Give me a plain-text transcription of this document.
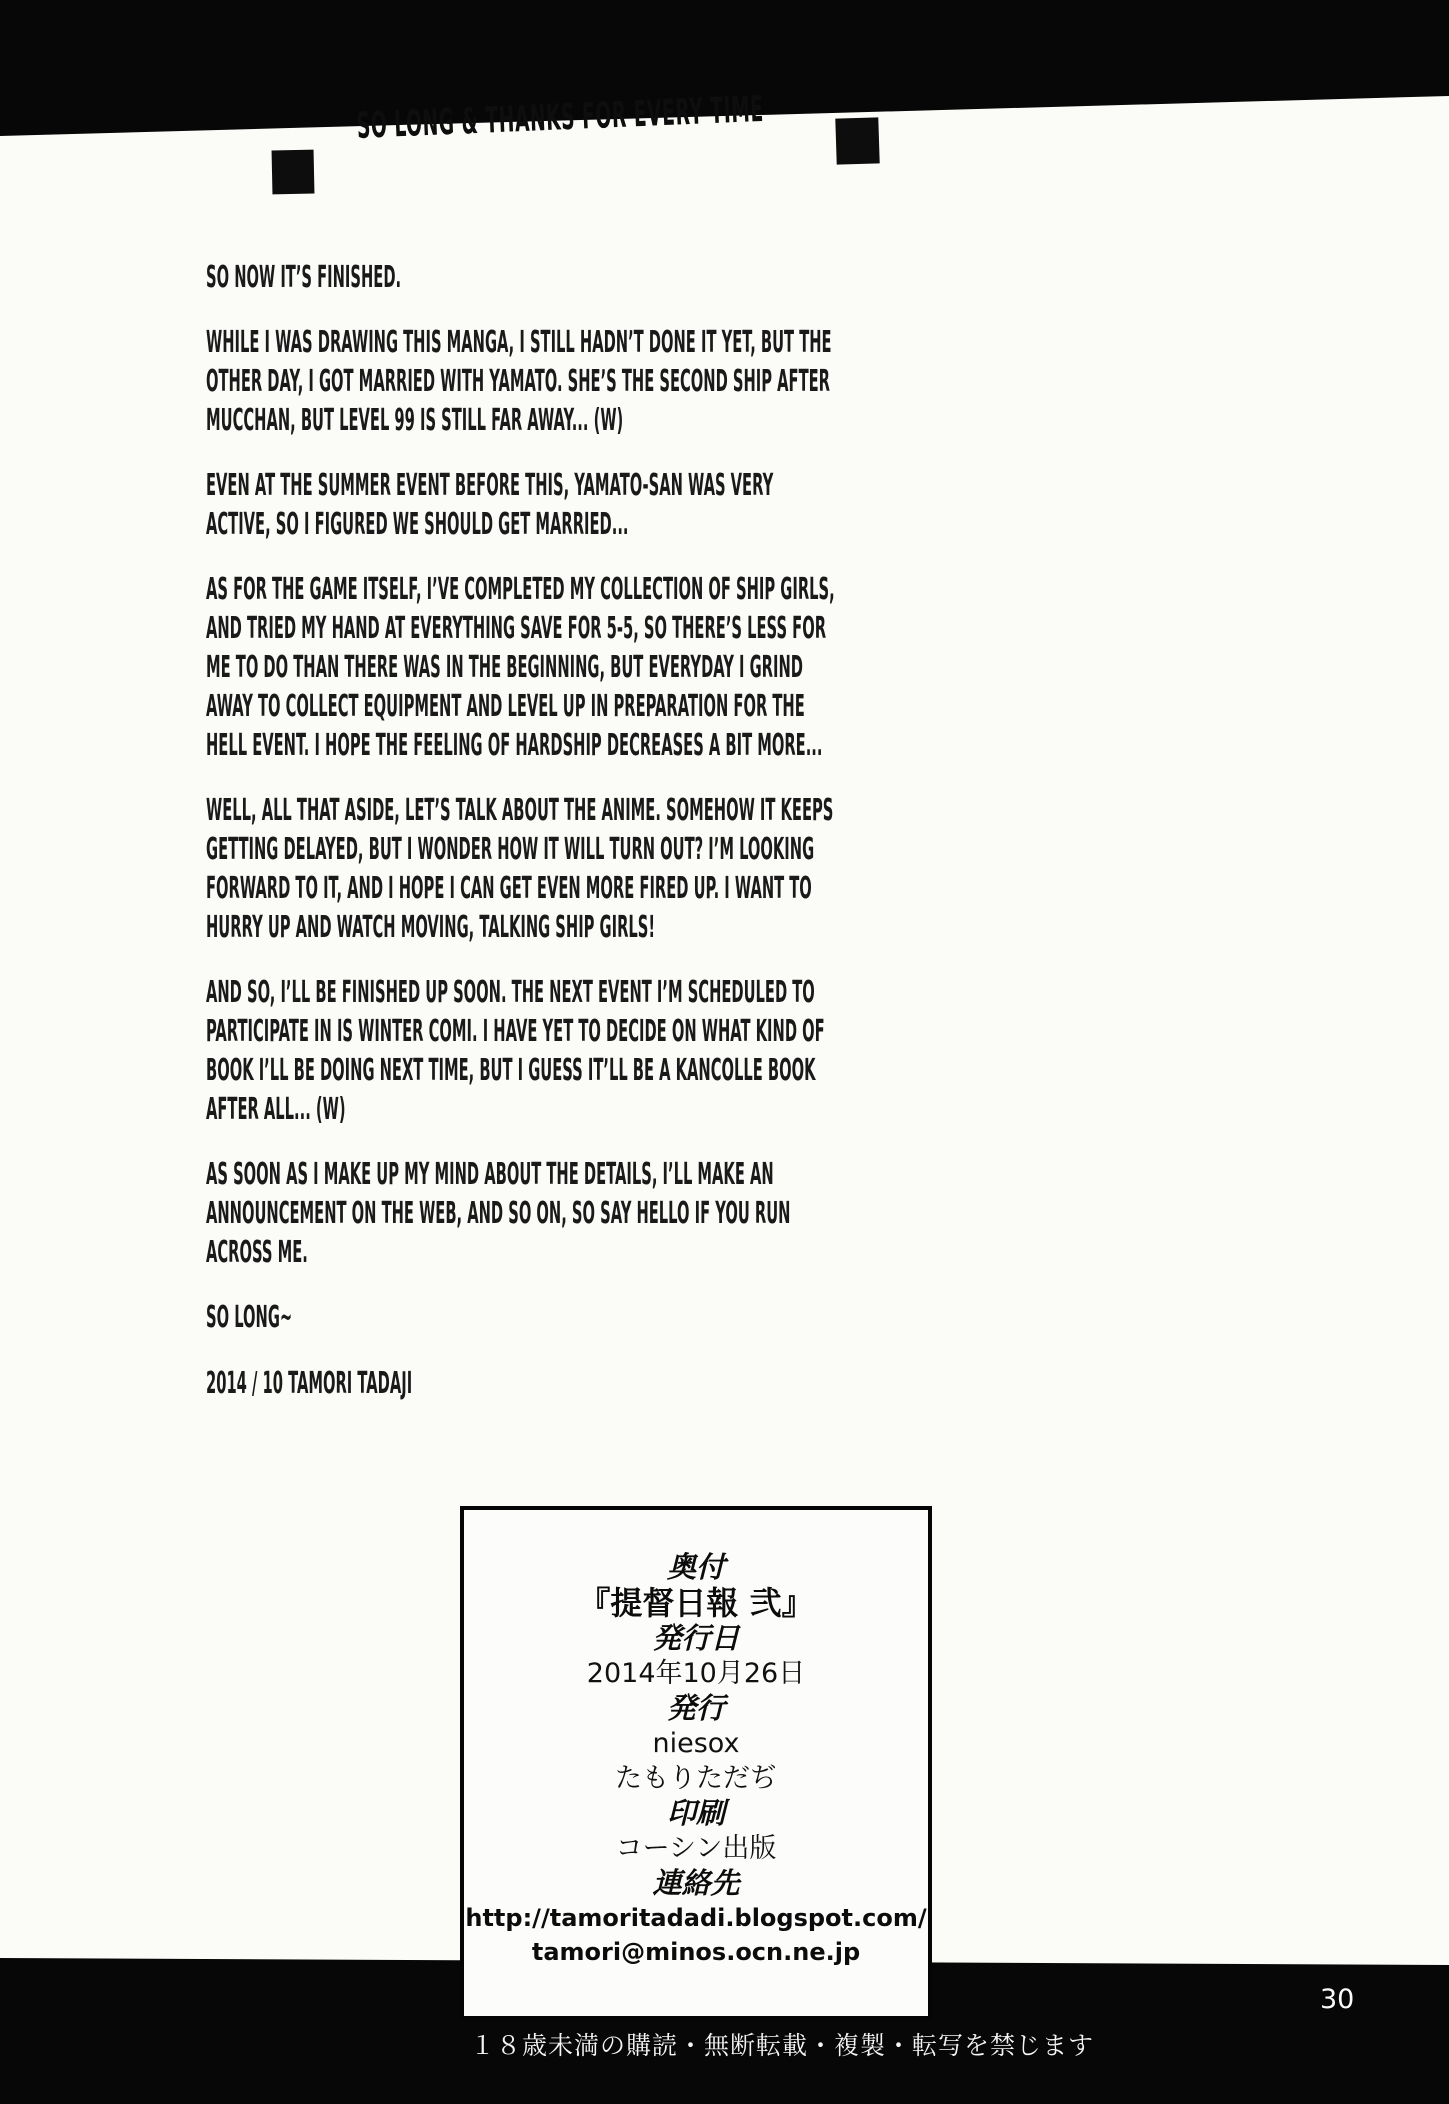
SO LONG & THANKS FOR EVERY TIME

SO NOW IT’S FINISHED.

WHILE I WAS DRAWING THIS MANGA, I STILL HADN’T DONE IT YET, BUT THE
OTHER DAY, I GOT MARRIED WITH YAMATO. SHE’S THE SECOND SHIP AFTER
MUCCHAN, BUT LEVEL 99 IS STILL FAR AWAY... (W)

EVEN AT THE SUMMER EVENT BEFORE THIS, YAMATO-SAN WAS VERY
ACTIVE, SO I FIGURED WE SHOULD GET MARRIED...

AS FOR THE GAME ITSELF, I’VE COMPLETED MY COLLECTION OF SHIP GIRLS,
AND TRIED MY HAND AT EVERYTHING SAVE FOR 5-5, SO THERE’S LESS FOR
ME TO DO THAN THERE WAS IN THE BEGINNING, BUT EVERYDAY I GRIND
AWAY TO COLLECT EQUIPMENT AND LEVEL UP IN PREPARATION FOR THE
HELL EVENT. I HOPE THE FEELING OF HARDSHIP DECREASES A BIT MORE...

WELL, ALL THAT ASIDE, LET’S TALK ABOUT THE ANIME. SOMEHOW IT KEEPS
GETTING DELAYED, BUT I WONDER HOW IT WILL TURN OUT? I’M LOOKING
FORWARD TO IT, AND I HOPE I CAN GET EVEN MORE FIRED UP. I WANT TO
HURRY UP AND WATCH MOVING, TALKING SHIP GIRLS!

AND SO, I’LL BE FINISHED UP SOON. THE NEXT EVENT I’M SCHEDULED TO
PARTICIPATE IN IS WINTER COMI. I HAVE YET TO DECIDE ON WHAT KIND OF
BOOK I’LL BE DOING NEXT TIME, BUT I GUESS IT’LL BE A KANCOLLE BOOK
AFTER ALL... (W)

AS SOON AS I MAKE UP MY MIND ABOUT THE DETAILS, I’LL MAKE AN
ANNOUNCEMENT ON THE WEB, AND SO ON, SO SAY HELLO IF YOU RUN
ACROSS ME.

SO LONG~
2014 / 10 TAMORI TADAJI
奥付
『提督日報 弐』
発行日
2014年10月26日
発行
niesox
たもりただぢ
印刷
コーシン出版
連絡先
http://tamoritadadi.blogspot.com/
tamori@minos.ocn.ne.jp
１８歳未満の購読・無断転載・複製・転写を禁じます
30
